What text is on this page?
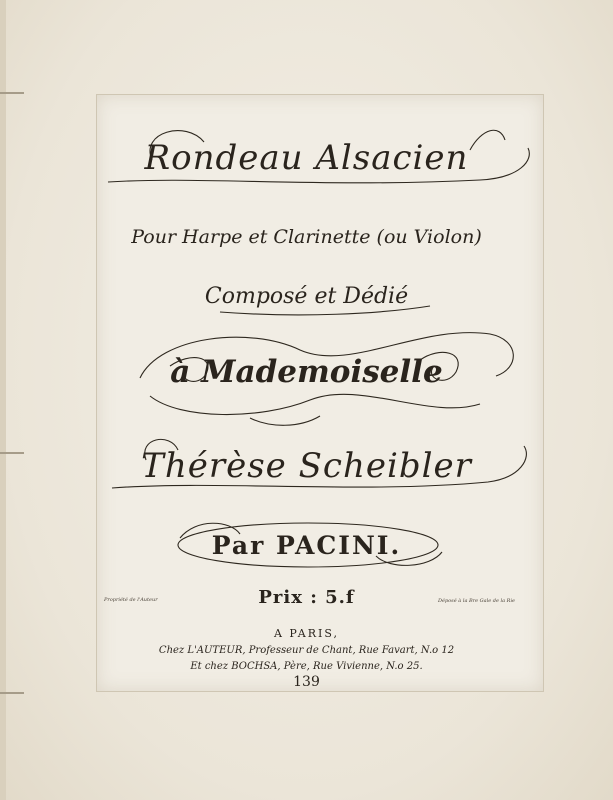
Rondeau Alsacien
Pour Harpe et Clarinette (ou Violon)
Composé et Dédié
à Mademoiselle
Thérèse Scheibler
Par PACINI.
Propriété de l'Auteur	Déposé à la Bre Gale de la Rie
Prix : 5.f
A PARIS,
Chez L'AUTEUR, Professeur de Chant, Rue Favart, N.o 12
Et chez BOCHSA, Père, Rue Vivienne, N.o 25.
139
